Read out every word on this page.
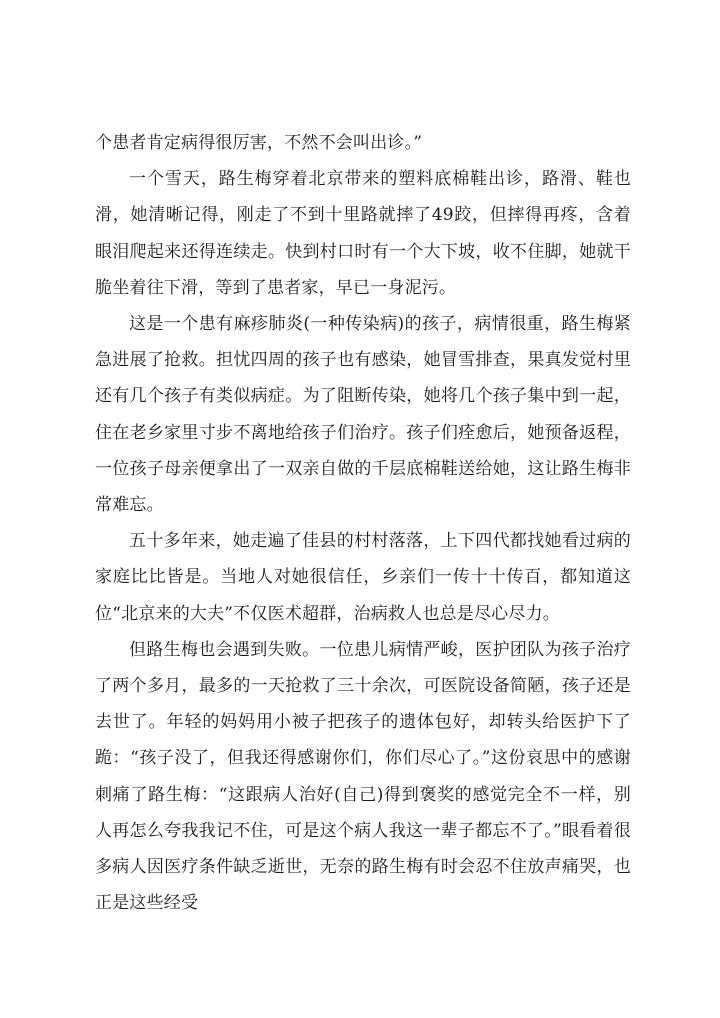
个患者肯定病得很厉害，不然不会叫出诊。”

一个雪天，路生梅穿着北京带来的塑料底棉鞋出诊，路滑、鞋也滑，她清晰记得，刚走了不到十里路就摔了49跤，但摔得再疼，含着眼泪爬起来还得连续走。快到村口时有一个大下坡，收不住脚，她就干脆坐着往下滑，等到了患者家，早已一身泥污。

这是一个患有麻疹肺炎(一种传染病)的孩子，病情很重，路生梅紧急进展了抢救。担忧四周的孩子也有感染，她冒雪排查，果真发觉村里还有几个孩子有类似病症。为了阻断传染，她将几个孩子集中到一起，住在老乡家里寸步不离地给孩子们治疗。孩子们痊愈后，她预备返程，一位孩子母亲便拿出了一双亲自做的千层底棉鞋送给她，这让路生梅非常难忘。

五十多年来，她走遍了佳县的村村落落，上下四代都找她看过病的家庭比比皆是。当地人对她很信任，乡亲们一传十十传百，都知道这位“北京来的大夫”不仅医术超群，治病救人也总是尽心尽力。

但路生梅也会遇到失败。一位患儿病情严峻，医护团队为孩子治疗了两个多月，最多的一天抢救了三十余次，可医院设备简陋，孩子还是去世了。年轻的妈妈用小被子把孩子的遗体包好，却转头给医护下了跪：“孩子没了，但我还得感谢你们，你们尽心了。”这份哀思中的感谢刺痛了路生梅：“这跟病人治好(自己)得到褒奖的感觉完全不一样，别人再怎么夸我我记不住，可是这个病人我这一辈子都忘不了。”眼看着很多病人因医疗条件缺乏逝世，无奈的路生梅有时会忍不住放声痛哭，也正是这些经受
